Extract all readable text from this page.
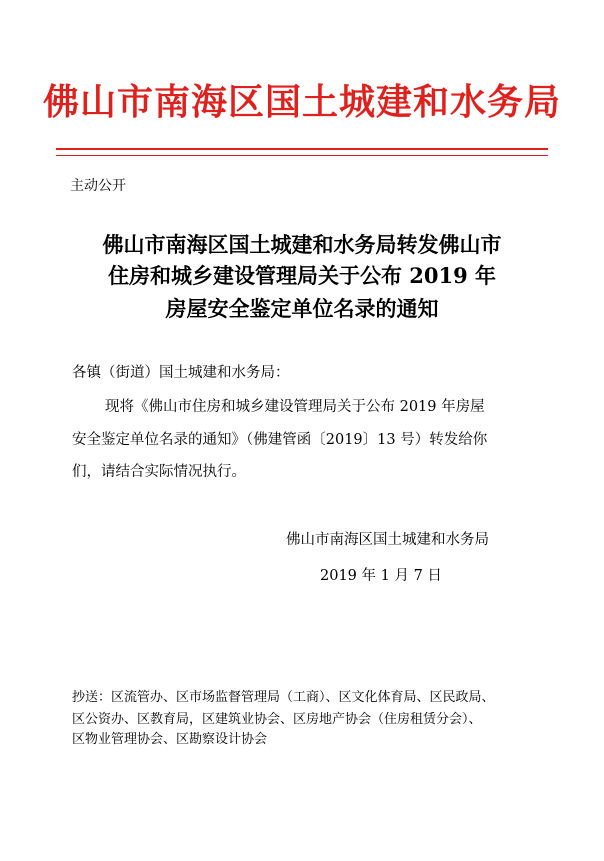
佛山市南海区国土城建和水务局
主动公开
佛山市南海区国土城建和水务局转发佛山市
住房和城乡建设管理局关于公布 2019 年
房屋安全鉴定单位名录的通知
各镇（街道）国土城建和水务局：
现将《佛山市住房和城乡建设管理局关于公布 2019 年房屋
安全鉴定单位名录的通知》（佛建管函〔2019〕13 号）转发给你
们，请结合实际情况执行。
佛山市南海区国土城建和水务局
2019 年 1 月 7 日
抄送：区流管办、区市场监督管理局（工商）、区文化体育局、区民政局、
区公资办、区教育局，区建筑业协会、区房地产协会（住房租赁分会）、
区物业管理协会、区勘察设计协会
